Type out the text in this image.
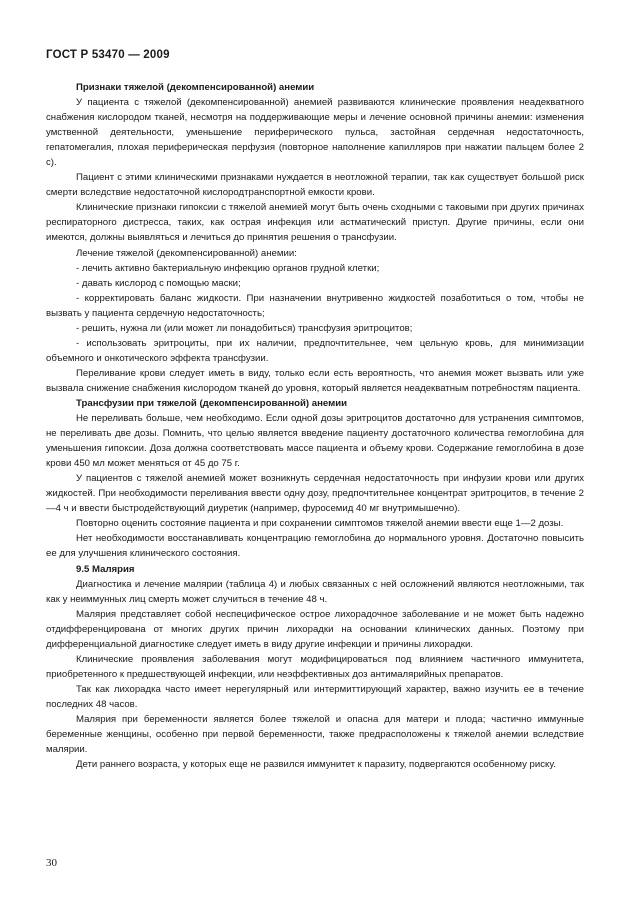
ГОСТ Р 53470 — 2009

Признаки тяжелой (декомпенсированной) анемии

У пациента с тяжелой (декомпенсированной) анемией развиваются клинические проявления неадекватного снабжения кислородом тканей, несмотря на поддерживающие меры и лечение основной причины анемии: изменения умственной деятельности, уменьшение периферического пульса, застойная сердечная недостаточность, гепатомегалия, плохая периферическая перфузия (повторное наполнение капилляров при нажатии пальцем более 2 с).

Пациент с этими клиническими признаками нуждается в неотложной терапии, так как существует большой риск смерти вследствие недостаточной кислородтранспортной емкости крови.

Клинические признаки гипоксии с тяжелой анемией могут быть очень сходными с таковыми при других причинах респираторного дистресса, таких, как острая инфекция или астматический приступ. Другие причины, если они имеются, должны выявляться и лечиться до принятия решения о трансфузии.

Лечение тяжелой (декомпенсированной) анемии:

- лечить активно бактериальную инфекцию органов грудной клетки;

- давать кислород с помощью маски;

- корректировать баланс жидкости. При назначении внутривенно жидкостей позаботиться о том, чтобы не вызвать у пациента сердечную недостаточность;

- решить, нужна ли (или может ли понадобиться) трансфузия эритроцитов;

- использовать эритроциты, при их наличии, предпочтительнее, чем цельную кровь, для минимизации объемного и онкотического эффекта трансфузии.

Переливание крови следует иметь в виду, только если есть вероятность, что анемия может вызвать или уже вызвала снижение снабжения кислородом тканей до уровня, который является неадекватным потребностям пациента.

Трансфузии при тяжелой (декомпенсированной) анемии

Не переливать больше, чем необходимо. Если одной дозы эритроцитов достаточно для устранения симптомов, не переливать две дозы. Помнить, что целью является введение пациенту достаточного количества гемоглобина для уменьшения гипоксии. Доза должна соответствовать массе пациента и объему крови. Содержание гемоглобина в дозе крови 450 мл может меняться от 45 до 75 г.

У пациентов с тяжелой анемией может возникнуть сердечная недостаточность при инфузии крови или других жидкостей. При необходимости переливания ввести одну дозу, предпочтительнее концентрат эритроцитов, в течение 2—4 ч и ввести быстродействующий диуретик (например, фуросемид 40 мг внутримышечно).

Повторно оценить состояние пациента и при сохранении симптомов тяжелой анемии ввести еще 1—2 дозы.

Нет необходимости восстанавливать концентрацию гемоглобина до нормального уровня. Достаточно повысить ее для улучшения клинического состояния.

9.5 Малярия

Диагностика и лечение малярии (таблица 4) и любых связанных с ней осложнений являются неотложными, так как у неиммунных лиц смерть может случиться в течение 48 ч.

Малярия представляет собой неспецифическое острое лихорадочное заболевание и не может быть надежно отдифференцирована от многих других причин лихорадки на основании клинических данных. Поэтому при дифференциальной диагностике следует иметь в виду другие инфекции и причины лихорадки.

Клинические проявления заболевания могут модифицироваться под влиянием частичного иммунитета, приобретенного к предшествующей инфекции, или неэффективных доз антималярийных препаратов.

Так как лихорадка часто имеет нерегулярный или интермиттирующий характер, важно изучить ее в течение последних 48 часов.

Малярия при беременности является более тяжелой и опасна для матери и плода; частично иммунные беременные женщины, особенно при первой беременности, также предрасположены к тяжелой анемии вследствие малярии.

Дети раннего возраста, у которых еще не развился иммунитет к паразиту, подвергаются особенному риску.

30
